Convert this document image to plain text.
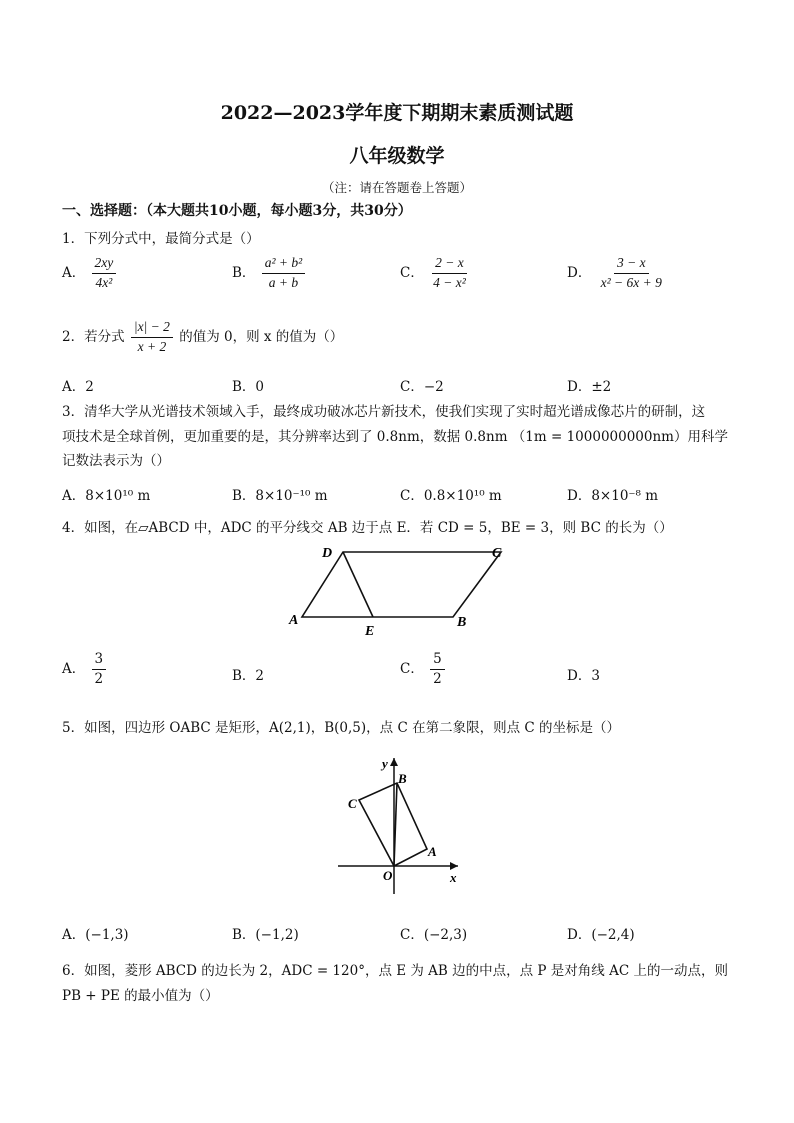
2022—2023学年度下期期末素质测试题
八年级数学
（注：请在答题卷上答题）
一、选择题：（本大题共10小题，每小题3分，共30分）
1．下列分式中，最简分式是（）
A． $\frac{2xy}{\text{4x²}}$	B． $\frac{\text{a² + b²}}{a + b}$	C． $\frac{2 - x}{\text{4 − x²}}$	D． $\frac{3 - x}{\text{x² − 6x + 9}}$
2．若分式 $\frac{|x| - 2}{x + 2}$ 的值为 0，则 x 的值为（）
A．2	B．0	C．−2	D．±2
3．清华大学从光谱技术领域入手，最终成功破冰芯片新技术，使我们实现了实时超光谱成像芯片的研制，这
项技术是全球首例，更加重要的是，其分辨率达到了 0.8nm，数据 0.8nm （1m = 1000000000nm）用科学
记数法表示为（）
A．8×10¹⁰ m	B．8×10⁻¹⁰ m	C．0.8×10¹⁰ m	D．8×10⁻⁸ m
4．如图，在▱ABCD 中，ADC 的平分线交 AB 边于点 E．若 CD = 5，BE = 3，则 BC 的长为（）
D	C
A
E
B
A． $\frac{3}{2}$	B．2	C． $\frac{5}{2}$	D．3
5．如图，四边形 OABC 是矩形，A(2,1)，B(0,5)，点 C 在第二象限，则点 C 的坐标是（）
y
B
C
A
O	x
A．(−1,3)	B．(−1,2)	C．(−2,3)	D．(−2,4)
6．如图，菱形 ABCD 的边长为 2，ADC = 120°，点 E 为 AB 边的中点，点 P 是对角线 AC 上的一动点，则
PB + PE 的最小值为（）
